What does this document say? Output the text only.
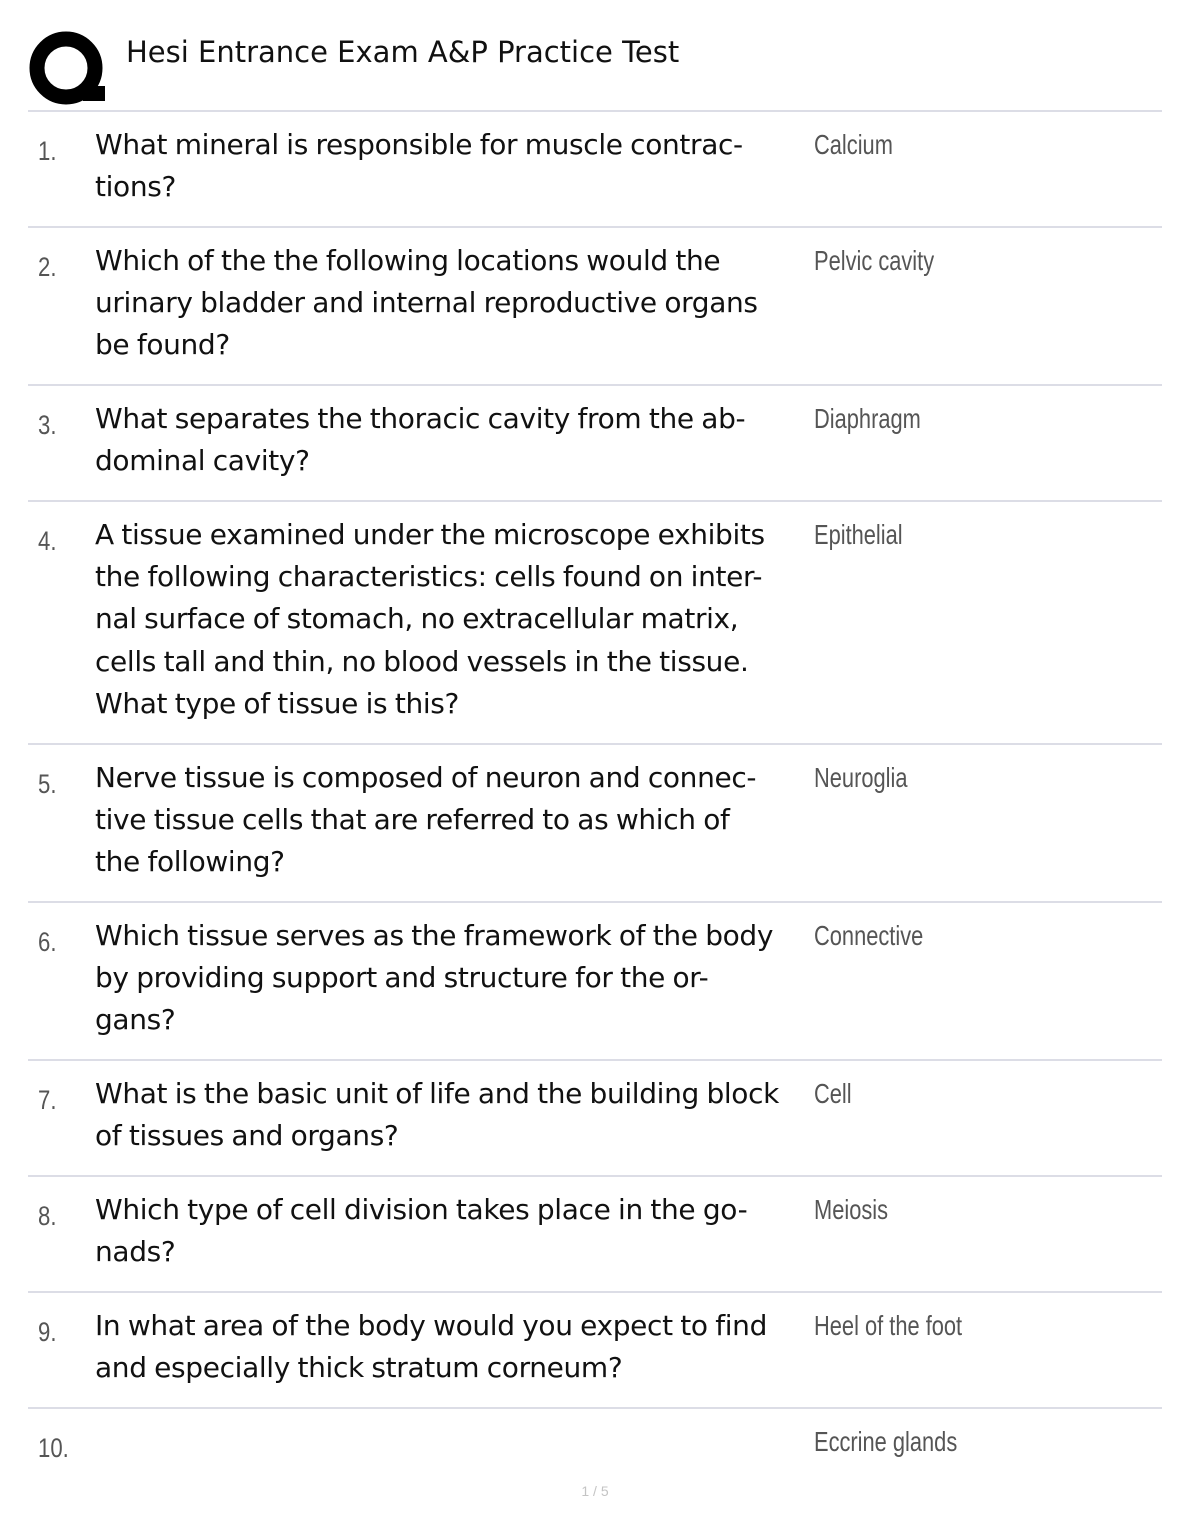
Hesi Entrance Exam A&P Practice Test
1. What mineral is responsible for muscle contrac-
tions?
Calcium
2. Which of the the following locations would the
urinary bladder and internal reproductive organs
be found?
Pelvic cavity
3. What separates the thoracic cavity from the ab-
dominal cavity?
Diaphragm
4. A tissue examined under the microscope exhibits
the following characteristics: cells found on inter-
nal surface of stomach, no extracellular matrix,
cells tall and thin, no blood vessels in the tissue.
What type of tissue is this?
Epithelial
5. Nerve tissue is composed of neuron and connec-
tive tissue cells that are referred to as which of
the following?
Neuroglia
6. Which tissue serves as the framework of the body
by providing support and structure for the or-
gans?
Connective
7. What is the basic unit of life and the building block
of tissues and organs?
Cell
8. Which type of cell division takes place in the go-
nads?
Meiosis
9. In what area of the body would you expect to find
and especially thick stratum corneum?
Heel of the foot
10.	Eccrine glands
1 / 5
